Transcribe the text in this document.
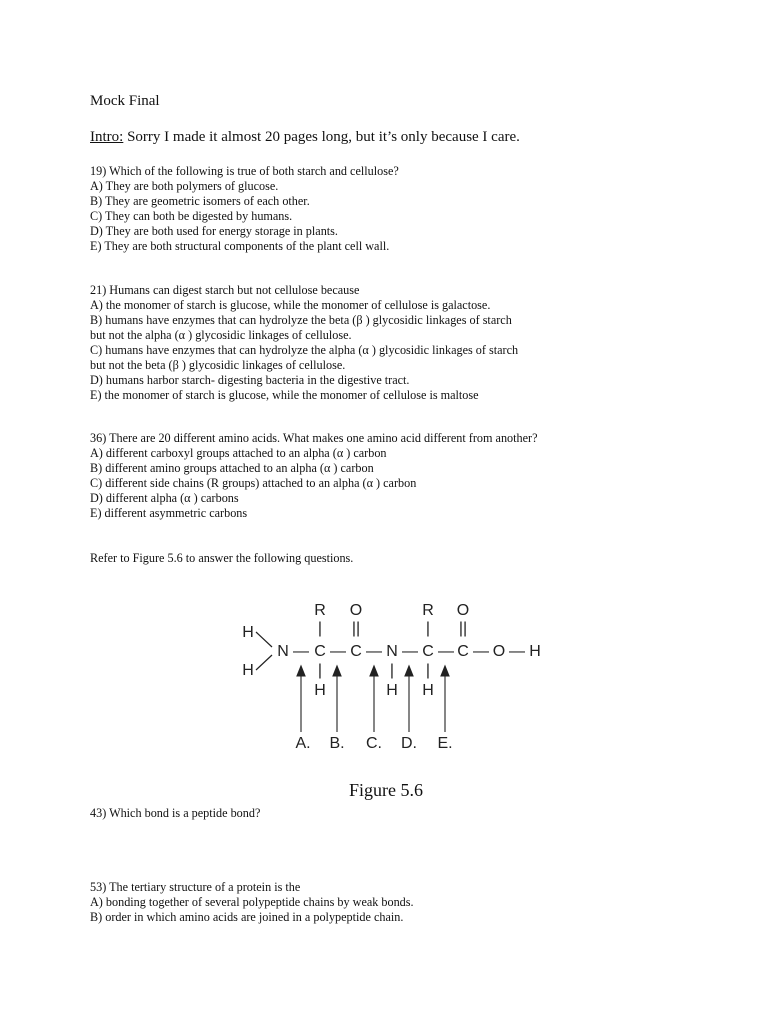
Mock Final
Intro: Sorry I made it almost 20 pages long, but it’s only because I care.
19) Which of the following is true of both starch and cellulose?
A) They are both polymers of glucose.
B) They are geometric isomers of each other.
C) They can both be digested by humans.
D) They are both used for energy storage in plants.
E) They are both structural components of the plant cell wall.
21) Humans can digest starch but not cellulose because
A) the monomer of starch is glucose, while the monomer of cellulose is galactose.
B) humans have enzymes that can hydrolyze the beta (β ) glycosidic linkages of starch
but not the alpha (α ) glycosidic linkages of cellulose.
C) humans have enzymes that can hydrolyze the alpha (α ) glycosidic linkages of starch
but not the beta (β ) glycosidic linkages of cellulose.
D) humans harbor starch- digesting bacteria in the digestive tract.
E) the monomer of starch is glucose, while the monomer of cellulose is maltose
36) There are 20 different amino acids. What makes one amino acid different from another?
A) different carboxyl groups attached to an alpha (α ) carbon
B) different amino groups attached to an alpha (α ) carbon
C) different side chains (R groups) attached to an alpha (α ) carbon
D) different alpha (α ) carbons
E) different asymmetric carbons
Refer to Figure 5.6 to answer the following questions.
R O	R O
| ||	| ||
H
H
N — C — C — N — C — C — O — H
|	| |
H	H H
A. B. C. D. E.
Figure 5.6
43) Which bond is a peptide bond?
53) The tertiary structure of a protein is the
A) bonding together of several polypeptide chains by weak bonds.
B) order in which amino acids are joined in a polypeptide chain.
